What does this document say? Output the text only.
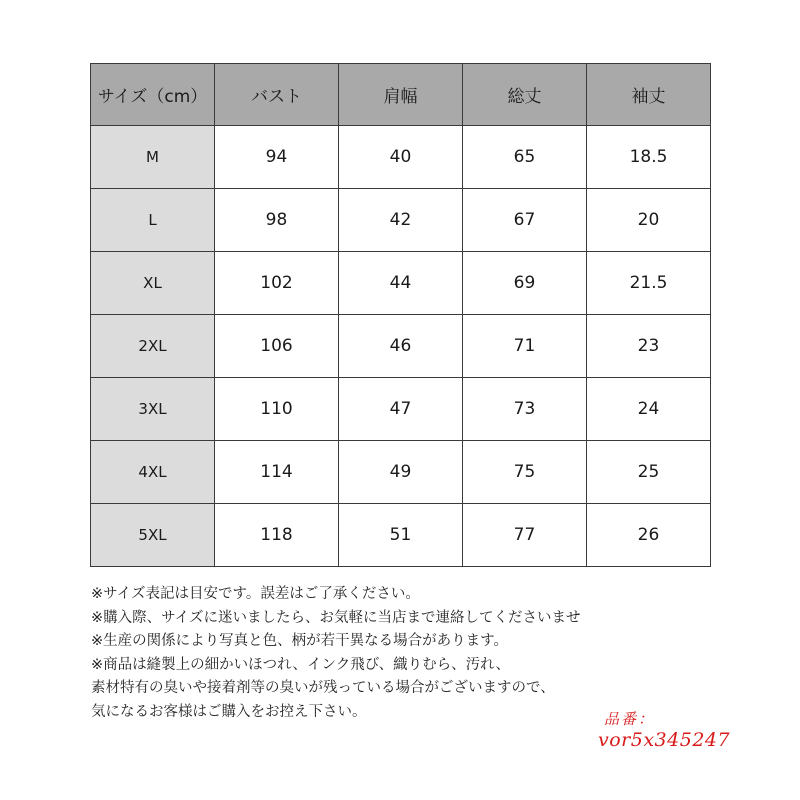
サイズ（cm）	バスト	肩幅	総丈	袖丈
M	94	40	65	18.5
L	98	42	67	20
XL	102	44	69	21.5
2XL	106	46	71	23
3XL	110	47	73	24
4XL	114	49	75	25
5XL	118	51	77	26
※サイズ表記は目安です。誤差はご了承ください。
※購入際、サイズに迷いましたら、お気軽に当店まで連絡してくださいませ
※生産の関係により写真と色、柄が若干異なる場合があります。
※商品は縫製上の細かいほつれ、インク飛び、織りむら、汚れ、
素材特有の臭いや接着剤等の臭いが残っている場合がございますので、
気になるお客様はご購入をお控え下さい。	品番：
vor5x345247
